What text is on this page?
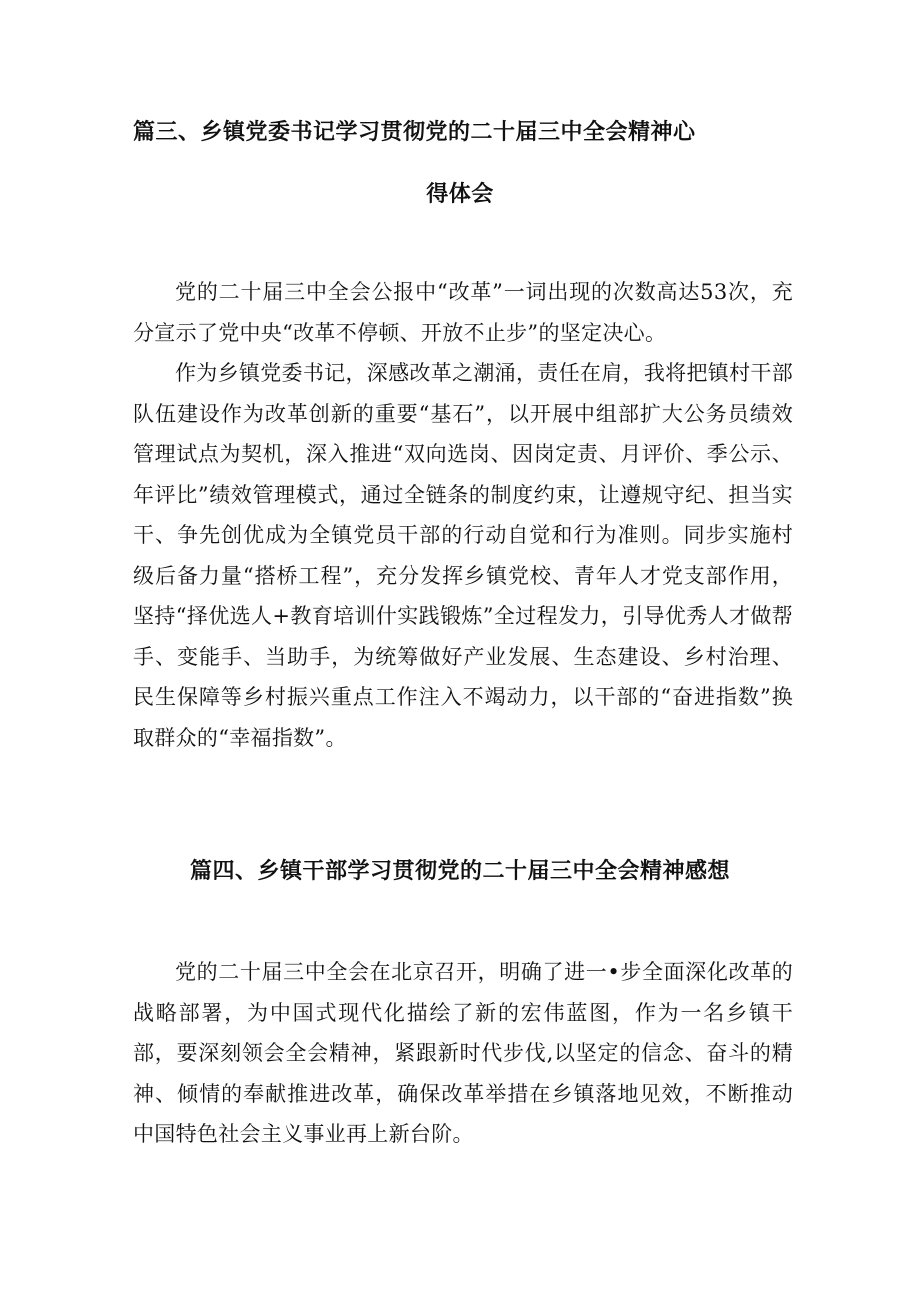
篇三、乡镇党委书记学习贯彻党的二十届三中全会精神心
得体会

党的二十届三中全会公报中“改革”一词出现的次数高达53次，充分宣示了党中央“改革不停顿、开放不止步”的坚定决心。

作为乡镇党委书记，深感改革之潮涌，责任在肩，我将把镇村干部队伍建设作为改革创新的重要“基石”，以开展中组部扩大公务员绩效管理试点为契机，深入推进“双向选岗、因岗定责、月评价、季公示、年评比”绩效管理模式，通过全链条的制度约束，让遵规守纪、担当实干、争先创优成为全镇党员干部的行动自觉和行为准则。同步实施村级后备力量“搭桥工程”，充分发挥乡镇党校、青年人才党支部作用，坚持“择优选人+教育培训什实践锻炼”全过程发力，引导优秀人才做帮手、变能手、当助手，为统筹做好产业发展、生态建设、乡村治理、民生保障等乡村振兴重点工作注入不竭动力，以干部的“奋进指数”换取群众的“幸福指数”。

篇四、乡镇干部学习贯彻党的二十届三中全会精神感想

党的二十届三中全会在北京召开，明确了进一•步全面深化改革的战略部署，为中国式现代化描绘了新的宏伟蓝图，作为一名乡镇干部，要深刻领会全会精神，紧跟新时代步伐,以坚定的信念、奋斗的精神、倾情的奉献推进改革，确保改革举措在乡镇落地见效，不断推动中国特色社会主义事业再上新台阶。
